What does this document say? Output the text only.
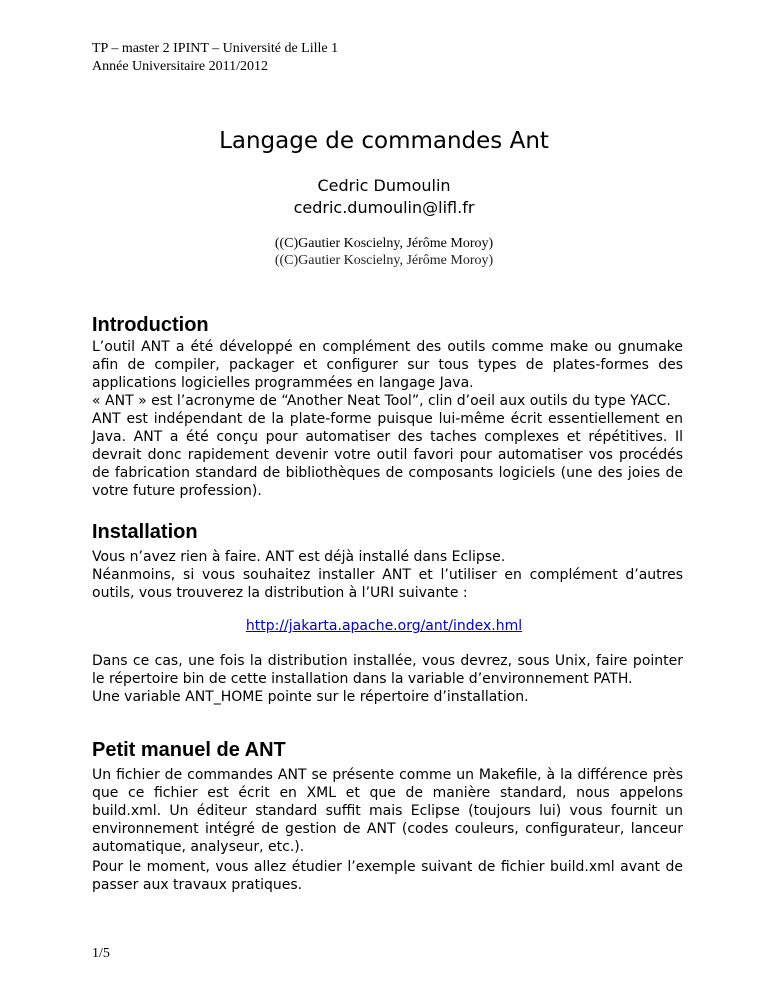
TP – master 2 IPINT – Université de Lille 1
Année Universitaire 2011/2012
Langage de commandes Ant
Cedric Dumoulin
cedric.dumoulin@lifl.fr
((C)Gautier Koscielny, Jérôme Moroy)
((C)Gautier Koscielny, Jérôme Moroy)
Introduction

L’outil ANT a été développé en complément des outils comme make ou gnumake afin de compiler, packager et configurer sur tous types de plates-formes des applications logicielles programmées en langage Java.

« ANT » est l’acronyme de “Another Neat Tool”, clin d’oeil aux outils du type YACC.

ANT est indépendant de la plate-forme puisque lui-même écrit essentiellement en Java. ANT a été conçu pour automatiser des taches complexes et répétitives. Il devrait donc rapidement devenir votre outil favori pour automatiser vos procédés de fabrication standard de bibliothèques de composants logiciels (une des joies de votre future profession).

Installation

Vous n’avez rien à faire. ANT est déjà installé dans Eclipse.

Néanmoins, si vous souhaitez installer ANT et l’utiliser en complément d’autres outils, vous trouverez la distribution à l’URI suivante :

http://jakarta.apache.org/ant/index.hml

Dans ce cas, une fois la distribution installée, vous devrez, sous Unix, faire pointer le répertoire bin de cette installation dans la variable d’environnement PATH.

Une variable ANT_HOME pointe sur le répertoire d’installation.

Petit manuel de ANT
Un fichier de commandes ANT se présente comme un Makefile, à la différence près que ce fichier est écrit en XML et que de manière standard, nous appelons build.xml. Un éditeur standard suffit mais Eclipse (toujours lui) vous fournit un environnement intégré de gestion de ANT (codes couleurs, configurateur, lanceur automatique, analyseur, etc.).
Pour le moment, vous allez étudier l’exemple suivant de fichier build.xml avant de passer aux travaux pratiques.
1/5
